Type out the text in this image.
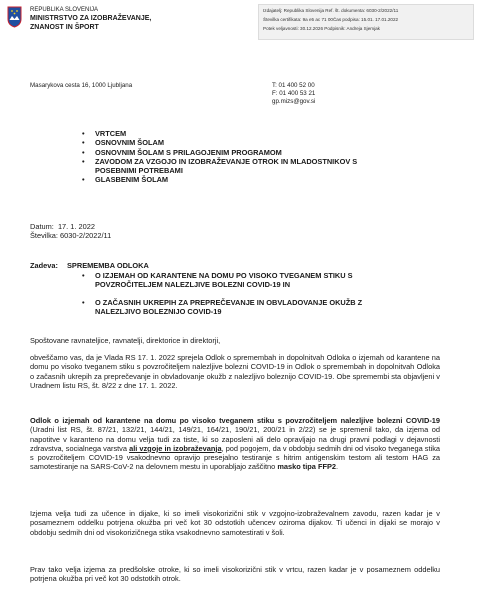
REPUBLIKA SLOVENIJA
MINISTRSTVO ZA IZOBRAŽEVANJE,
ZNANOST IN ŠPORT
Izdajatelj: Republika Slovenija Ref. št. dokumenta: 6030-2/2022/11
Številka certifikata: 9a e5 ac 71 00Čas podpisa: 15.01. 17.01.2022
Potek veljavnosti: 30.12.2026 Podpisnik: Andreja Sjemjak
Masarykova cesta 16, 1000 Ljubljana	T: 01 400 52 00
F: 01 400 53 21
gp.mizs@gov.si
• VRTCEM
• OSNOVNIM ŠOLAM
• OSNOVNIM ŠOLAM S PRILAGOJENIM PROGRAMOM
• ZAVODOM ZA VZGOJO IN IZOBRAŽEVANJE OTROK IN MLADOSTNIKOV S POSEBNIMI POTREBAMI
• GLASBENIM ŠOLAM
Datum: 17. 1. 2022
Številka: 6030-2/2022/11
Zadeva: SPREMEMBA ODLOKA
• O IZJEMAH OD KARANTENE NA DOMU PO VISOKO TVEGANEM STIKU S POVZROČITELJEM NALEZLJIVE BOLEZNI COVID-19 IN
• O ZAČASNIH UKREPIH ZA PREPREČEVANJE IN OBVLADOVANJE OKUŽB Z NALEZLJIVO BOLEZNIJO COVID-19

Spoštovane ravnateljice, ravnatelji, direktorice in direktorji,

obveščamo vas, da je Vlada RS 17. 1. 2022 sprejela Odlok o spremembah in dopolnitvah Odloka o izjemah od karantene na domu po visoko tveganem stiku s povzročiteljem nalezljive bolezni COVID-19 in Odlok o spremembah in dopolnitvah Odloka o začasnih ukrepih za preprečevanje in obvladovanje okužb z nalezljivo boleznijo COVID-19. Obe spremembi sta objavljeni v Uradnem listu RS, št. 8/22 z dne 17. 1. 2022.

Odlok o izjemah od karantene na domu po visoko tveganem stiku s povzročiteljem nalezljive bolezni COVID-19 (Uradni list RS, št. 87/21, 132/21, 144/21, 149/21, 164/21, 190/21, 200/21 in 2/22) se je spremenil tako, da izjema od napotitve v karanteno na domu velja tudi za tiste, ki so zaposleni ali delo opravljajo na drugi pravni podlagi v dejavnosti zdravstva, socialnega varstva ali vzgoje in izobraževanja, pod pogojem, da v obdobju sedmih dni od visoko tveganega stika s povzročiteljem COVID-19 vsakodnevno opravijo presejalno testiranje s hitrim antigenskim testom ali testom HAG za samotestiranje na SARS-CoV-2 na delovnem mestu in uporabljajo zaščitno masko tipa FFP2.

Izjema velja tudi za učence in dijake, ki so imeli visokorizični stik v vzgojno-izobraževalnem zavodu, razen kadar je v posameznem oddelku potrjena okužba pri več kot 30 odstotkih učencev oziroma dijakov. Ti učenci in dijaki se morajo v obdobju sedmih dni od visokorizičnega stika vsakodnevno samotestirati v šoli.

Prav tako velja izjema za predšolske otroke, ki so imeli visokorizični stik v vrtcu, razen kadar je v posameznem oddelku potrjena okužba pri več kot 30 odstotkih otrok.
